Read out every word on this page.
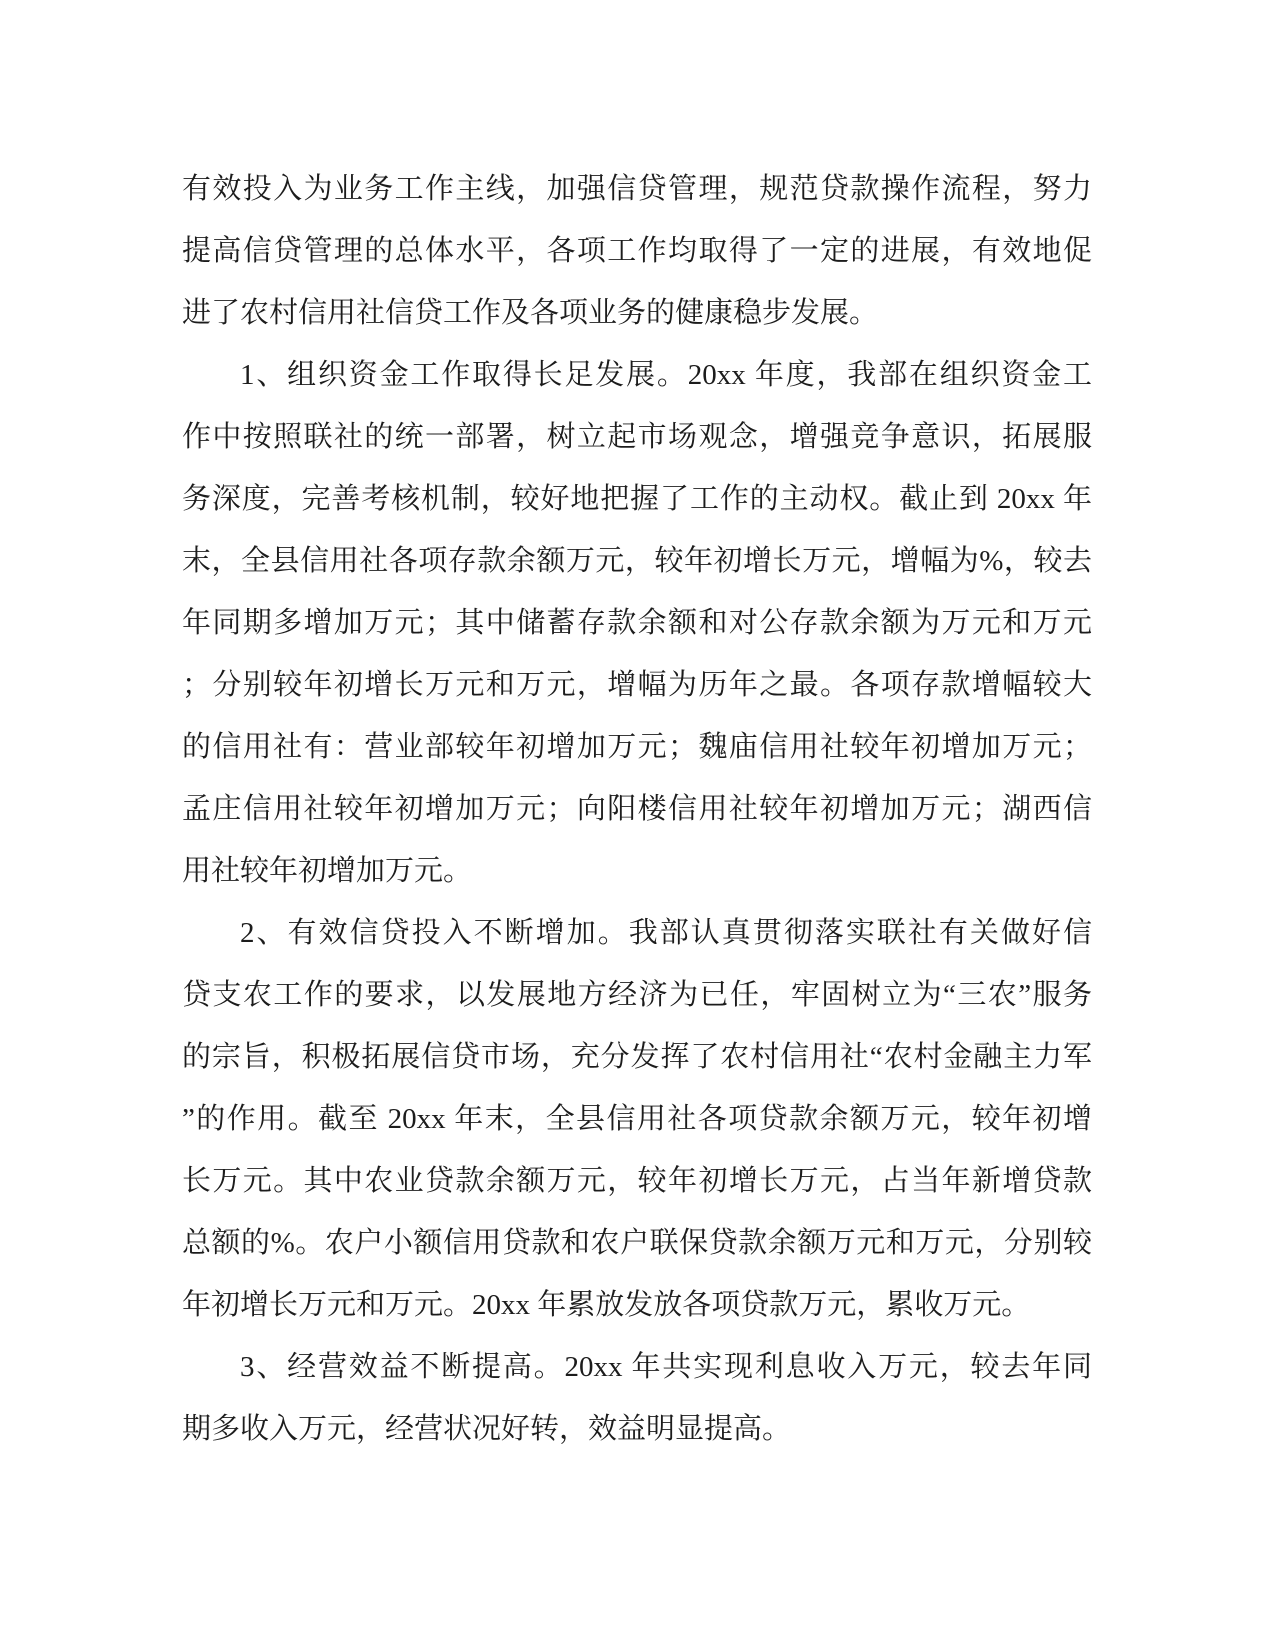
有效投入为业务工作主线，加强信贷管理，规范贷款操作流程，努力
提高信贷管理的总体水平，各项工作均取得了一定的进展，有效地促
进了农村信用社信贷工作及各项业务的健康稳步发展。
1、组织资金工作取得长足发展。20xx 年度，我部在组织资金工
作中按照联社的统一部署，树立起市场观念，增强竞争意识，拓展服
务深度，完善考核机制，较好地把握了工作的主动权。截止到 20xx 年
末，全县信用社各项存款余额万元，较年初增长万元，增幅为%，较去
年同期多增加万元；其中储蓄存款余额和对公存款余额为万元和万元
；分别较年初增长万元和万元，增幅为历年之最。各项存款增幅较大
的信用社有：营业部较年初增加万元；魏庙信用社较年初增加万元；
孟庄信用社较年初增加万元；向阳楼信用社较年初增加万元；湖西信
用社较年初增加万元。
2、有效信贷投入不断增加。我部认真贯彻落实联社有关做好信
贷支农工作的要求，以发展地方经济为已任，牢固树立为“三农”服务
的宗旨，积极拓展信贷市场，充分发挥了农村信用社“农村金融主力军
”的作用。截至 20xx 年末，全县信用社各项贷款余额万元，较年初增
长万元。其中农业贷款余额万元，较年初增长万元，占当年新增贷款
总额的%。农户小额信用贷款和农户联保贷款余额万元和万元，分别较
年初增长万元和万元。20xx 年累放发放各项贷款万元，累收万元。
3、经营效益不断提高。20xx 年共实现利息收入万元，较去年同
期多收入万元，经营状况好转，效益明显提高。
